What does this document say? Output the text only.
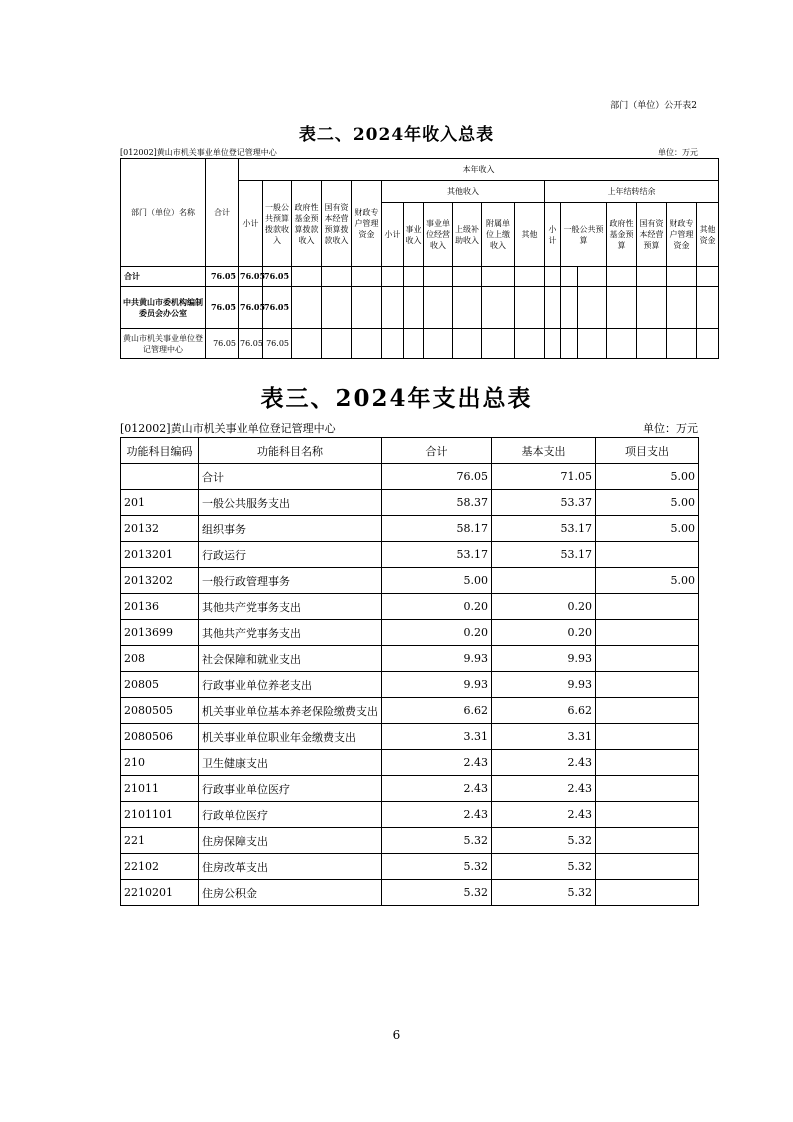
部门（单位）公开表2
表二、2024年收入总表
[012002]黄山市机关事业单位登记管理中心	单位：万元
部门（单位）名称	合计	本年收入																	
		小计	一般公共预算拨款收入	政府性基金预算拨款收入	国有资本经营预算拨款收入	财政专户管理资金	其他收入						上年结转结余						
							小计	事业收入	事业单位经营收入	上级补助收入	附属单位上缴收入	其他	小计	一般公共预算		政府性基金预算	国有资本经营预算	财政专户管理资金	其他资金
合计	76.05	76.05	76.05																
中共黄山市委机构编制委员会办公室	76.05	76.05	76.05																
黄山市机关事业单位登记管理中心	76.05	76.05	76.05																
表三、2024年支出总表
[012002]黄山市机关事业单位登记管理中心	单位：万元
功能科目编码	功能科目名称	合计	基本支出	项目支出
	合计	76.05	71.05	5.00
201	一般公共服务支出	58.37	53.37	5.00
20132	组织事务	58.17	53.17	5.00
2013201	行政运行	53.17	53.17	
2013202	一般行政管理事务	5.00		5.00
20136	其他共产党事务支出	0.20	0.20	
2013699	其他共产党事务支出	0.20	0.20	
208	社会保障和就业支出	9.93	9.93	
20805	行政事业单位养老支出	9.93	9.93	
2080505	机关事业单位基本养老保险缴费支出	6.62	6.62	
2080506	机关事业单位职业年金缴费支出	3.31	3.31	
210	卫生健康支出	2.43	2.43	
21011	行政事业单位医疗	2.43	2.43	
2101101	行政单位医疗	2.43	2.43	
221	住房保障支出	5.32	5.32	
22102	住房改革支出	5.32	5.32	
2210201	住房公积金	5.32	5.32	
6
